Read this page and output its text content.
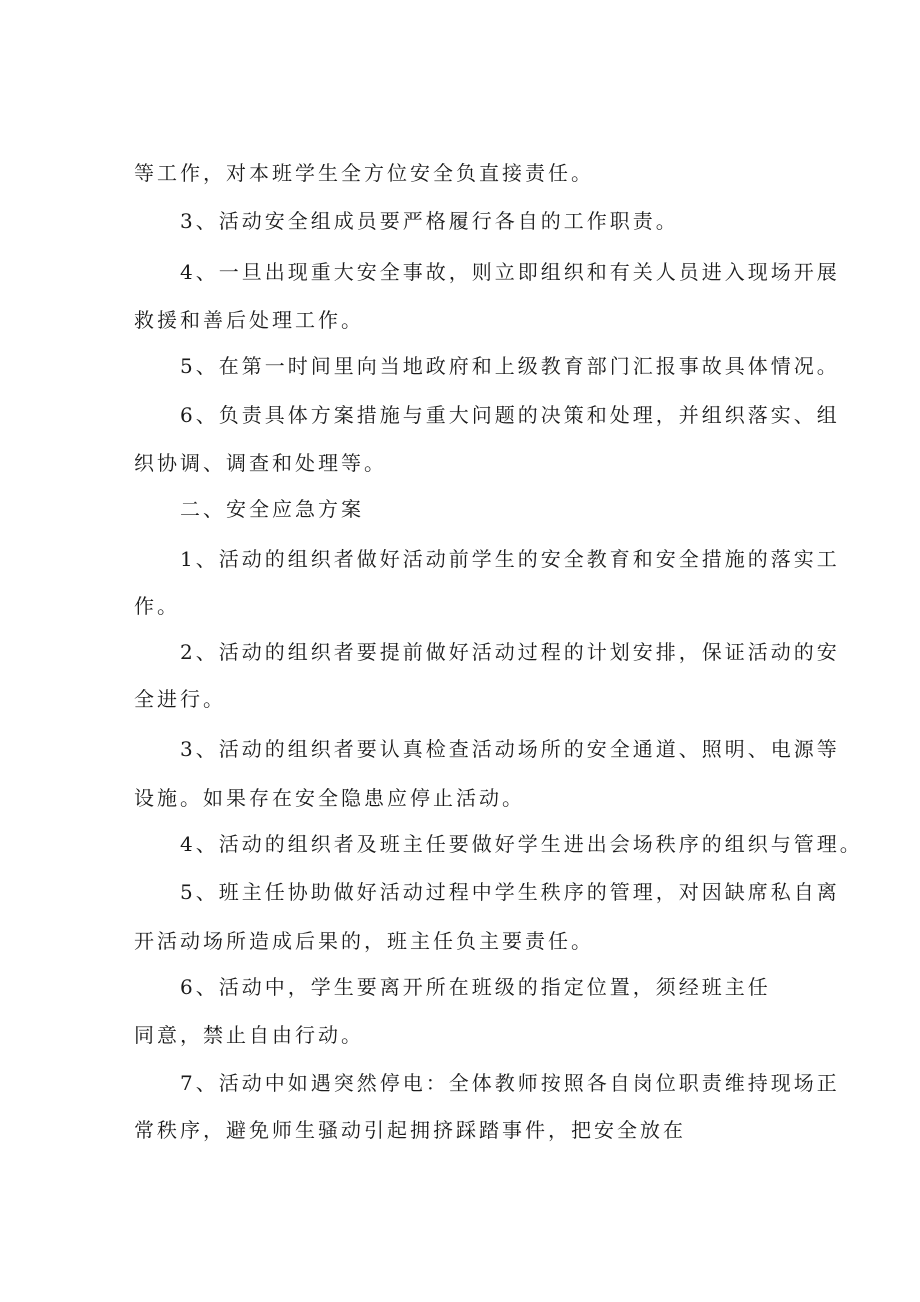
等工作，对本班学生全方位安全负直接责任。
3、活动安全组成员要严格履行各自的工作职责。
4、一旦出现重大安全事故，则立即组织和有关人员进入现场开展
救援和善后处理工作。
5、在第一时间里向当地政府和上级教育部门汇报事故具体情况。
6、负责具体方案措施与重大问题的决策和处理，并组织落实、组
织协调、调查和处理等。
二、安全应急方案
1、活动的组织者做好活动前学生的安全教育和安全措施的落实工
作。
2、活动的组织者要提前做好活动过程的计划安排，保证活动的安
全进行。
3、活动的组织者要认真检查活动场所的安全通道、照明、电源等
设施。如果存在安全隐患应停止活动。
4、活动的组织者及班主任要做好学生进出会场秩序的组织与管理。
5、班主任协助做好活动过程中学生秩序的管理，对因缺席私自离
开活动场所造成后果的，班主任负主要责任。
6、活动中，学生要离开所在班级的指定位置，须经班主任
同意，禁止自由行动。
7、活动中如遇突然停电：全体教师按照各自岗位职责维持现场正
常秩序，避免师生骚动引起拥挤踩踏事件，把安全放在
